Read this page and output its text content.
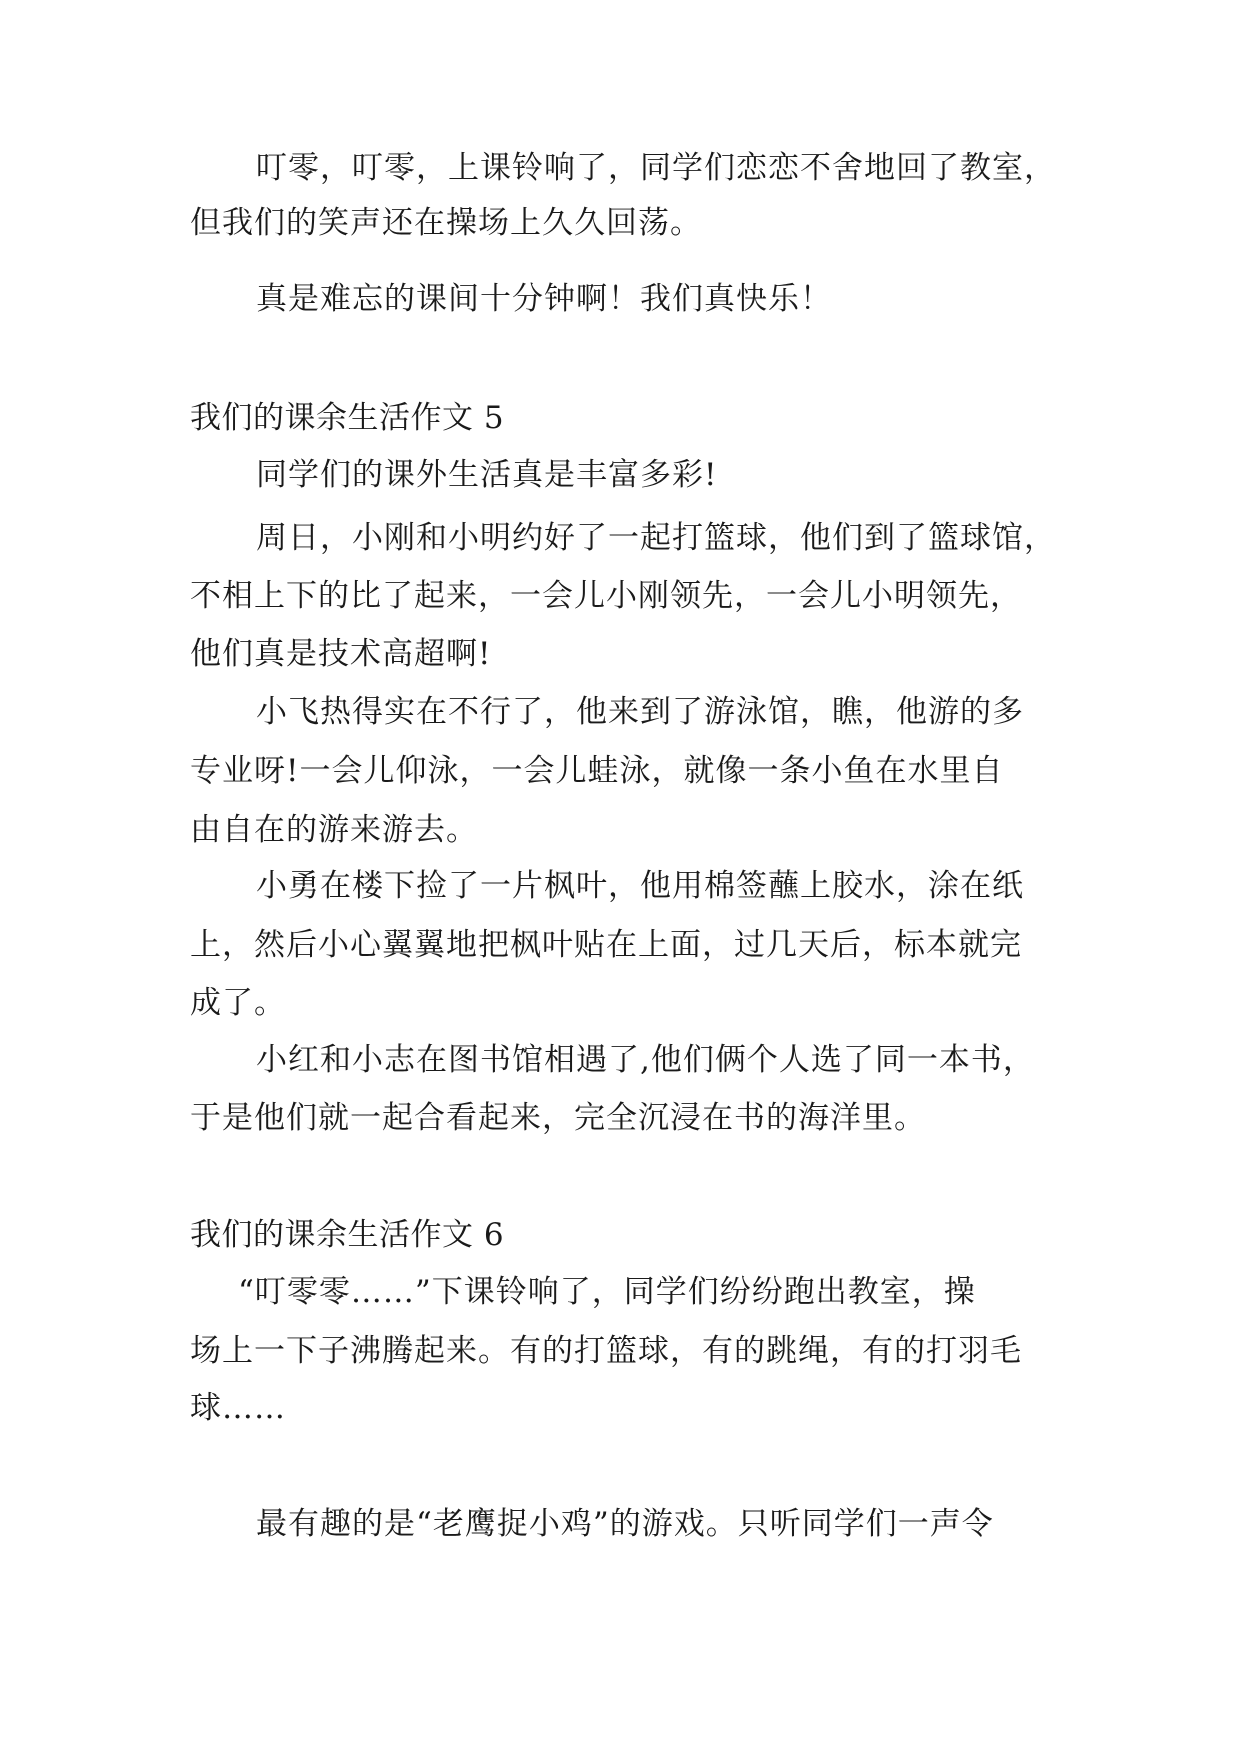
叮零，叮零，上课铃响了，同学们恋恋不舍地回了教室，
但我们的笑声还在操场上久久回荡。
真是难忘的课间十分钟啊！我们真快乐！
我们的课余生活作文 5
同学们的课外生活真是丰富多彩!
周日，小刚和小明约好了一起打篮球，他们到了篮球馆，
不相上下的比了起来，一会儿小刚领先，一会儿小明领先，
他们真是技术高超啊!
小飞热得实在不行了，他来到了游泳馆，瞧，他游的多
专业呀!一会儿仰泳，一会儿蛙泳，就像一条小鱼在水里自
由自在的游来游去。
小勇在楼下捡了一片枫叶，他用棉签蘸上胶水，涂在纸
上，然后小心翼翼地把枫叶贴在上面，过几天后，标本就完
成了。
小红和小志在图书馆相遇了,他们俩个人选了同一本书，
于是他们就一起合看起来，完全沉浸在书的海洋里。
我们的课余生活作文 6
“叮零零……”下课铃响了，同学们纷纷跑出教室，操
场上一下子沸腾起来。有的打篮球，有的跳绳，有的打羽毛
球……
最有趣的是“老鹰捉小鸡”的游戏。只听同学们一声令
